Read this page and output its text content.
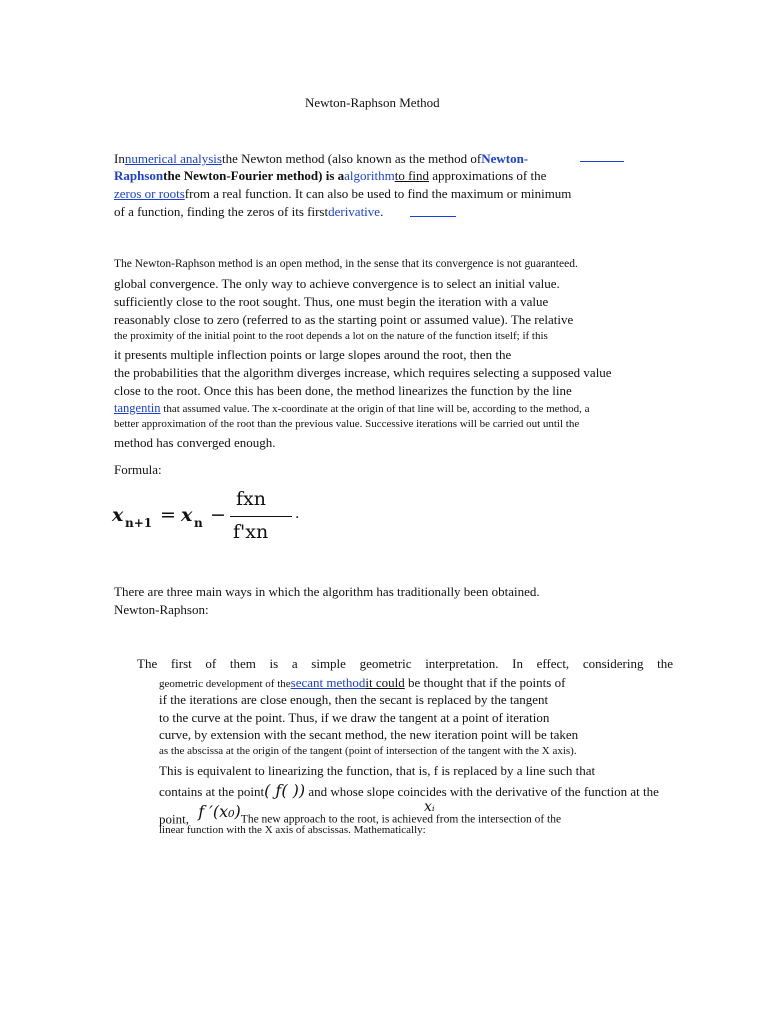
Newton-Raphson Method
Innumerical analysisthe Newton method (also known as the method ofNewton-
Raphsonthe Newton-Fourier method) is aalgorithmto find approximations of the
zeros or rootsfrom a real function. It can also be used to find the maximum or minimum
of a function, finding the zeros of its firstderivative.
The Newton-Raphson method is an open method, in the sense that its convergence is not guaranteed.
global convergence. The only way to achieve convergence is to select an initial value.
sufficiently close to the root sought. Thus, one must begin the iteration with a value
reasonably close to zero (referred to as the starting point or assumed value). The relative
the proximity of the initial point to the root depends a lot on the nature of the function itself; if this
it presents multiple inflection points or large slopes around the root, then the
the probabilities that the algorithm diverges increase, which requires selecting a supposed value
close to the root. Once this has been done, the method linearizes the function by the line
tangentin that assumed value. The x-coordinate at the origin of that line will be, according to the method, a
better approximation of the root than the previous value. Successive iterations will be carried out until the
method has converged enough.
Formula:
x n+1 = x n −
fxn
f'xn
.
There are three main ways in which the algorithm has traditionally been obtained.
Newton-Raphson:
The first of them is a simple geometric interpretation. In effect, considering the
geometric development of thesecant methodit could be thought that if the points of
if the iterations are close enough, then the secant is replaced by the tangent
to the curve at the point. Thus, if we draw the tangent at a point of iteration
curve, by extension with the secant method, the new iteration point will be taken
as the abscissa at the origin of the tangent (point of intersection of the tangent with the X axis).
This is equivalent to linearizing the function, that is, f is replaced by a line such that
contains at the point( ƒ( )) and whose slope coincides with the derivative of the function at the
point, f ′(x₀)The new approach to the root, is achieved from the intersection of the
xᵢ
linear function with the X axis of abscissas. Mathematically:
